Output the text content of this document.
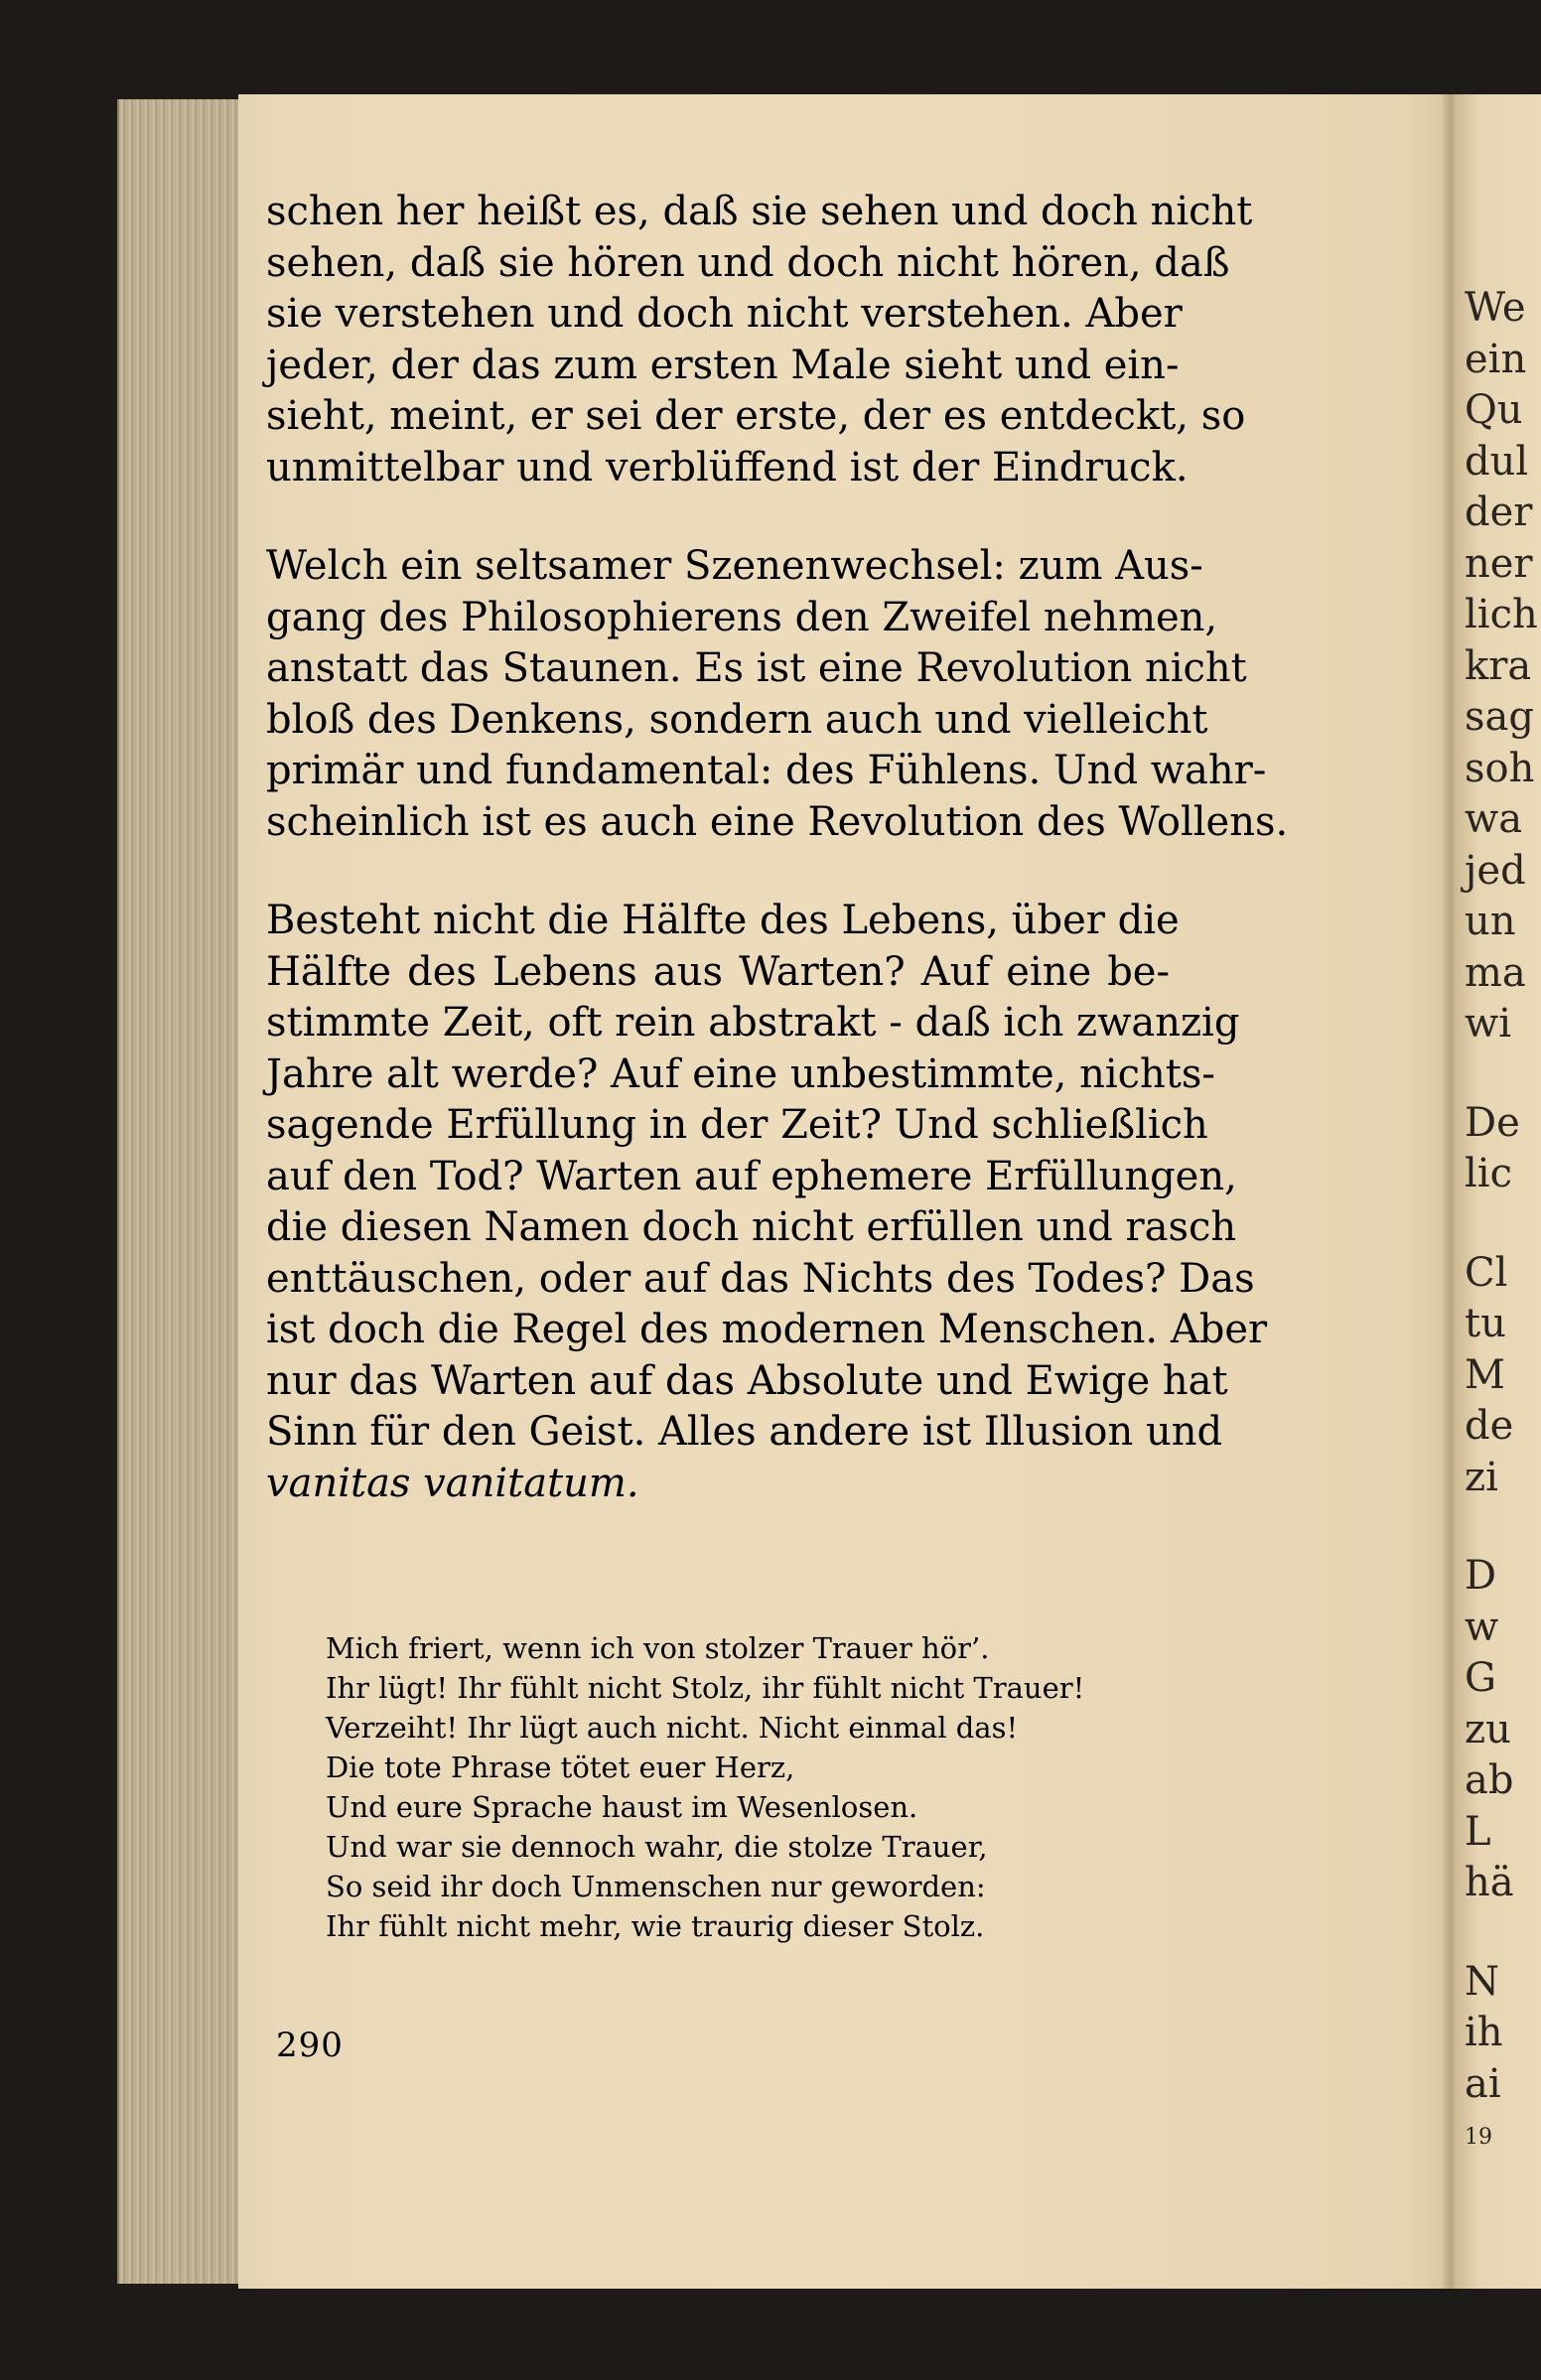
We
ein
Qu
dul
der
ner
lich
kra
sag
soh
wa
jed
un
ma
wi
De
lic
Cl
tu
M
de
zi
D
w
G
zu
ab
L
hä
N
ih
ai
19

schen her heißt es, daß sie sehen und doch nicht
sehen, daß sie hören und doch nicht hören, daß
sie verstehen und doch nicht verstehen. Aber
jeder, der das zum ersten Male sieht und ein-
sieht, meint, er sei der erste, der es entdeckt, so
unmittelbar und verblüffend ist der Eindruck.

Welch ein seltsamer Szenenwechsel: zum Aus-
gang des Philosophierens den Zweifel nehmen,
anstatt das Staunen. Es ist eine Revolution nicht
bloß des Denkens, sondern auch und vielleicht
primär und fundamental: des Fühlens. Und wahr-
scheinlich ist es auch eine Revolution des Wollens.

Besteht nicht die Hälfte des Lebens, über die
Hälfte des Lebens aus Warten? Auf eine be-
stimmte Zeit, oft rein abstrakt - daß ich zwanzig
Jahre alt werde? Auf eine unbestimmte, nichts-
sagende Erfüllung in der Zeit? Und schließlich
auf den Tod? Warten auf ephemere Erfüllungen,
die diesen Namen doch nicht erfüllen und rasch
enttäuschen, oder auf das Nichts des Todes? Das
ist doch die Regel des modernen Menschen. Aber
nur das Warten auf das Absolute und Ewige hat
Sinn für den Geist. Alles andere ist Illusion und
vanitas vanitatum.

Mich friert, wenn ich von stolzer Trauer hör’.
Ihr lügt! Ihr fühlt nicht Stolz, ihr fühlt nicht Trauer!
Verzeiht! Ihr lügt auch nicht. Nicht einmal das!
Die tote Phrase tötet euer Herz,
Und eure Sprache haust im Wesenlosen.
Und war sie dennoch wahr, die stolze Trauer,
So seid ihr doch Unmenschen nur geworden:
Ihr fühlt nicht mehr, wie traurig dieser Stolz.
290
